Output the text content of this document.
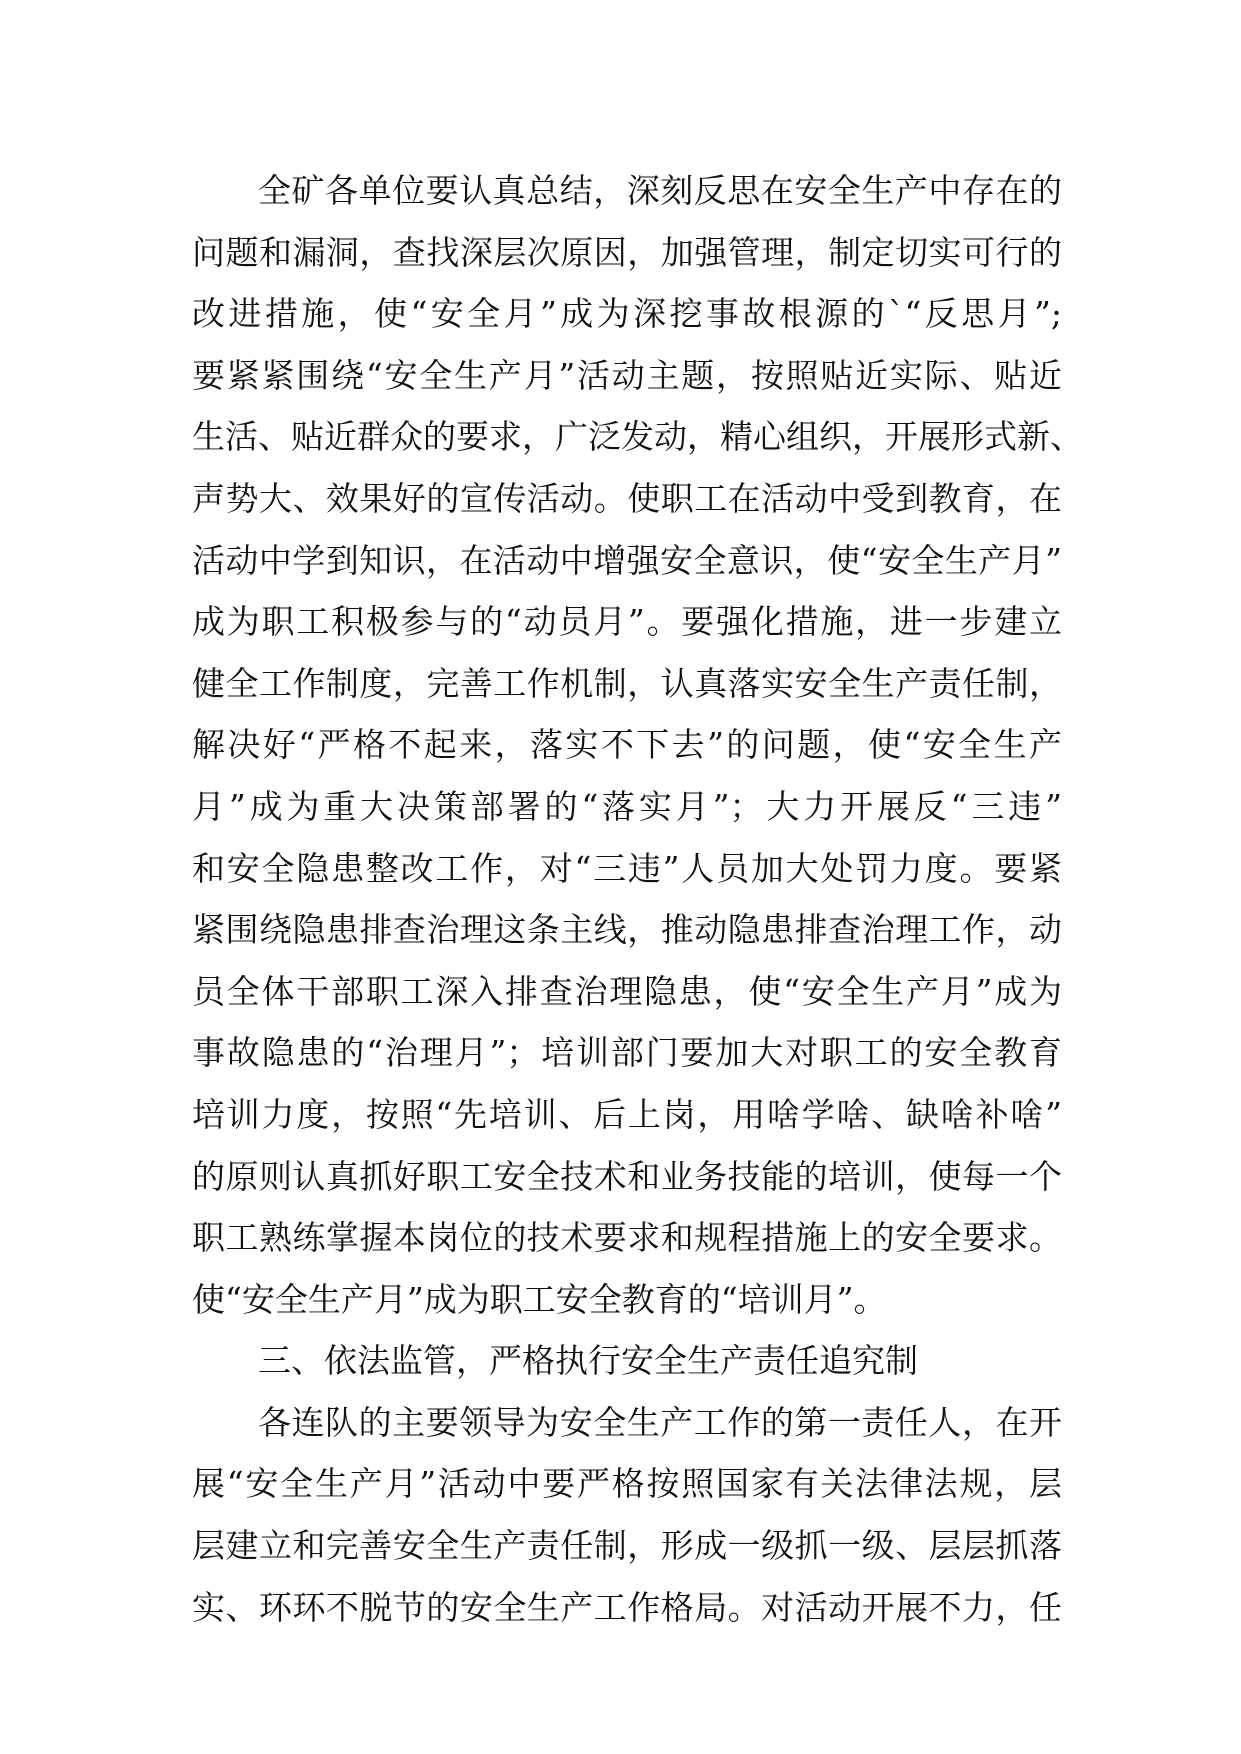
全矿各单位要认真总结，深刻反思在安全生产中存在的
问题和漏洞，查找深层次原因，加强管理，制定切实可行的
改进措施，使“安全月”成为深挖事故根源的`“反思月”;
要紧紧围绕“安全生产月”活动主题，按照贴近实际、贴近
生活、贴近群众的要求，广泛发动，精心组织，开展形式新、
声势大、效果好的宣传活动。使职工在活动中受到教育，在
活动中学到知识，在活动中增强安全意识，使“安全生产月”
成为职工积极参与的“动员月”。要强化措施，进一步建立
健全工作制度，完善工作机制，认真落实安全生产责任制，
解决好“严格不起来，落实不下去”的问题，使“安全生产
月”成为重大决策部署的“落实月”；大力开展反“三违”
和安全隐患整改工作，对“三违”人员加大处罚力度。要紧
紧围绕隐患排查治理这条主线，推动隐患排查治理工作，动
员全体干部职工深入排查治理隐患，使“安全生产月”成为
事故隐患的“治理月”；培训部门要加大对职工的安全教育
培训力度，按照“先培训、后上岗，用啥学啥、缺啥补啥”
的原则认真抓好职工安全技术和业务技能的培训，使每一个
职工熟练掌握本岗位的技术要求和规程措施上的安全要求。
使“安全生产月”成为职工安全教育的“培训月”。
三、依法监管，严格执行安全生产责任追究制
各连队的主要领导为安全生产工作的第一责任人，在开
展“安全生产月”活动中要严格按照国家有关法律法规，层
层建立和完善安全生产责任制，形成一级抓一级、层层抓落
实、环环不脱节的安全生产工作格局。对活动开展不力，任
